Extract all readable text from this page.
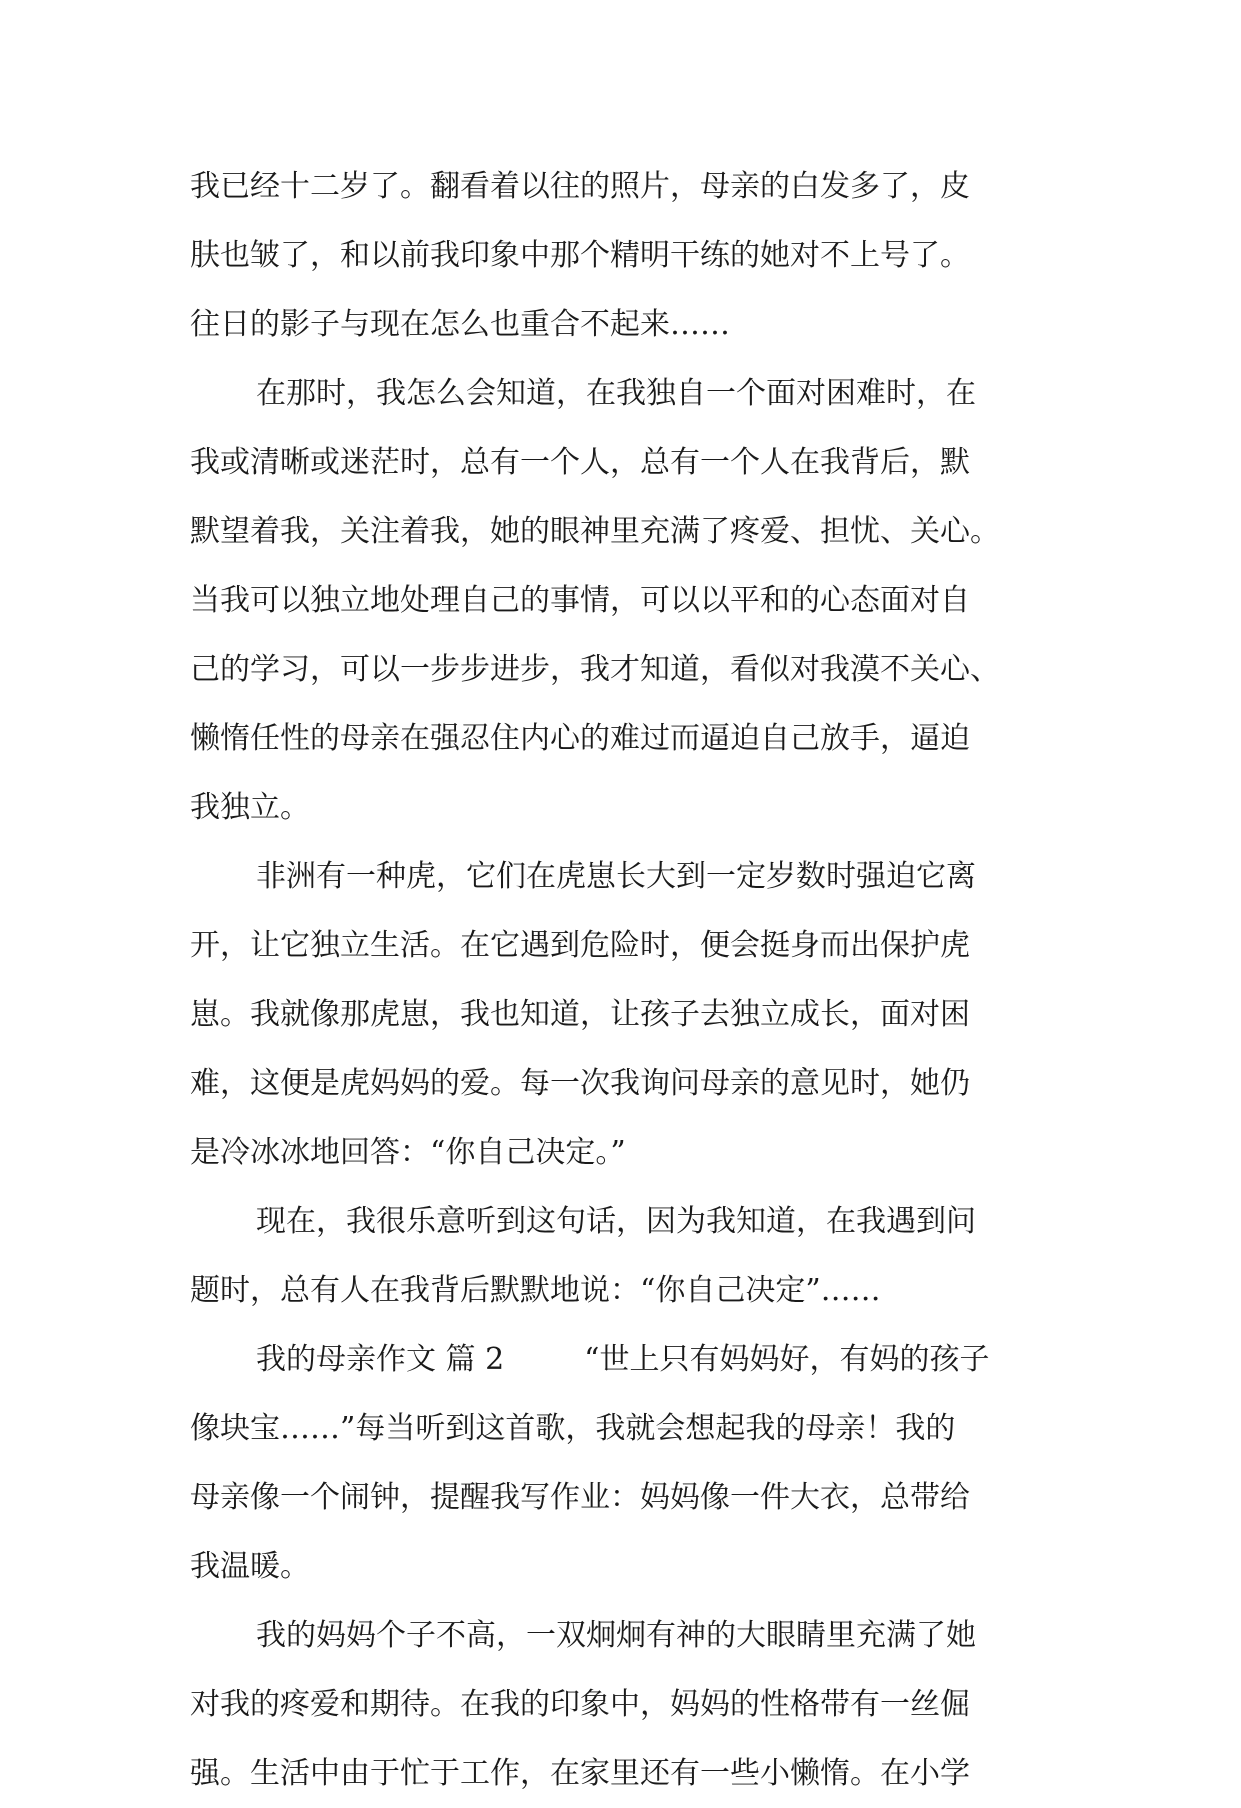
我已经十二岁了。翻看着以往的照片，母亲的白发多了，皮
肤也皱了，和以前我印象中那个精明干练的她对不上号了。
往日的影子与现在怎么也重合不起来……
在那时，我怎么会知道，在我独自一个面对困难时，在
我或清晰或迷茫时，总有一个人，总有一个人在我背后，默
默望着我，关注着我，她的眼神里充满了疼爱、担忧、关心。
当我可以独立地处理自己的事情，可以以平和的心态面对自
己的学习，可以一步步进步，我才知道，看似对我漠不关心、
懒惰任性的母亲在强忍住内心的难过而逼迫自己放手，逼迫
我独立。
非洲有一种虎，它们在虎崽长大到一定岁数时强迫它离
开，让它独立生活。在它遇到危险时，便会挺身而出保护虎
崽。我就像那虎崽，我也知道，让孩子去独立成长，面对困
难，这便是虎妈妈的爱。每一次我询问母亲的意见时，她仍
是冷冰冰地回答：“你自己决定。”
现在，我很乐意听到这句话，因为我知道，在我遇到问
题时，总有人在我背后默默地说：“你自己决定”……
我的母亲作文 篇 2	“世上只有妈妈好，有妈的孩子
像块宝……”每当听到这首歌，我就会想起我的母亲！我的
母亲像一个闹钟，提醒我写作业：妈妈像一件大衣，总带给
我温暖。
我的妈妈个子不高，一双炯炯有神的大眼睛里充满了她
对我的疼爱和期待。在我的印象中，妈妈的性格带有一丝倔
强。生活中由于忙于工作，在家里还有一些小懒惰。在小学
